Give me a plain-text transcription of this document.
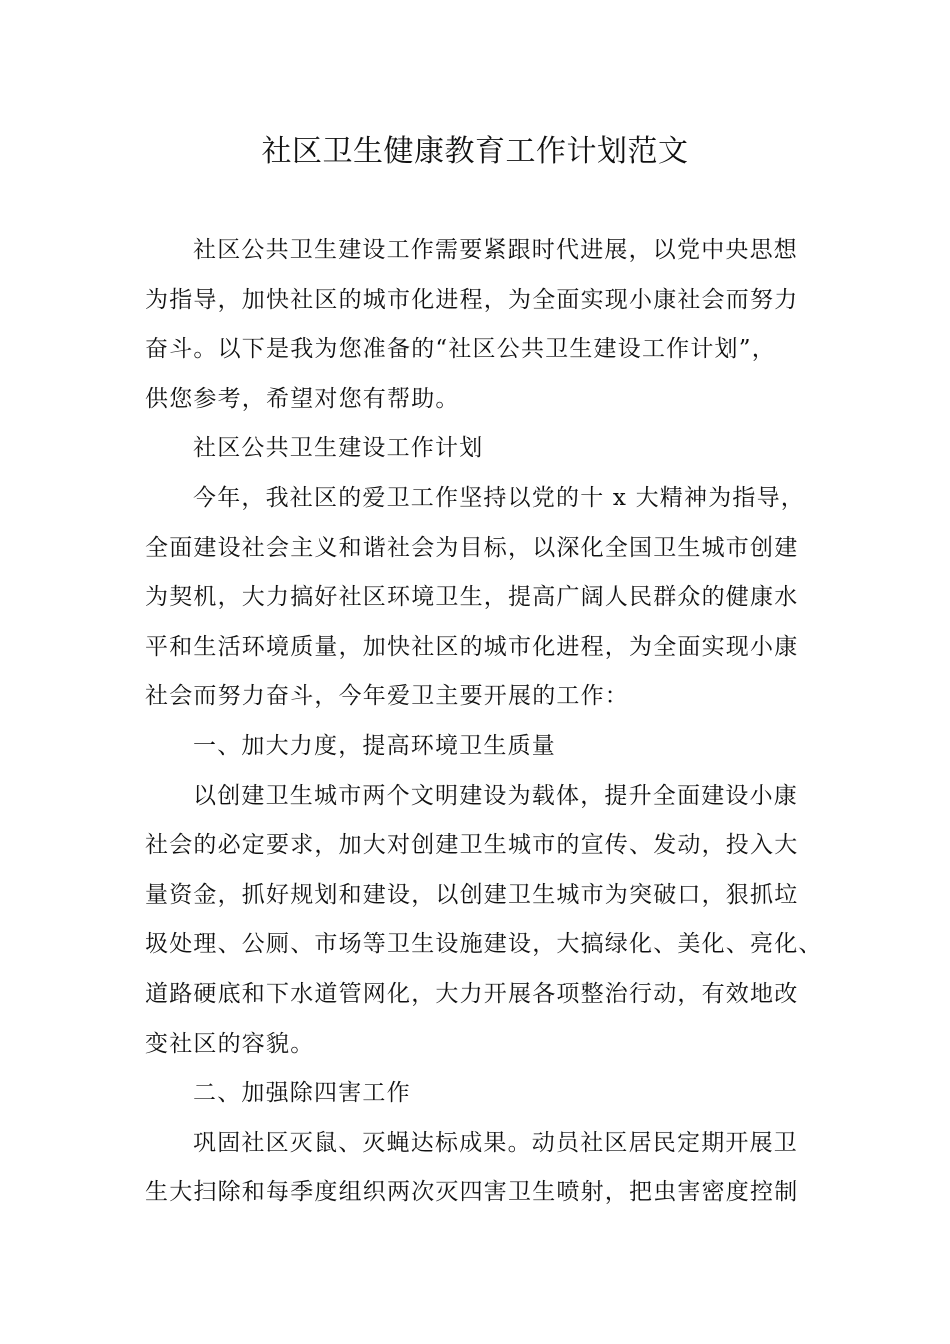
社区卫生健康教育工作计划范文
社区公共卫生建设工作需要紧跟时代进展，以党中央思想
为指导，加快社区的城市化进程，为全面实现小康社会而努力
奋斗。以下是我为您准备的“社区公共卫生建设工作计划”，
供您参考，希望对您有帮助。
社区公共卫生建设工作计划
今年，我社区的爱卫工作坚持以党的十 x 大精神为指导，
全面建设社会主义和谐社会为目标，以深化全国卫生城市创建
为契机，大力搞好社区环境卫生，提高广阔人民群众的健康水
平和生活环境质量，加快社区的城市化进程，为全面实现小康
社会而努力奋斗，今年爱卫主要开展的工作：
一、加大力度，提高环境卫生质量
以创建卫生城市两个文明建设为载体，提升全面建设小康
社会的必定要求，加大对创建卫生城市的宣传、发动，投入大
量资金，抓好规划和建设，以创建卫生城市为突破口，狠抓垃
圾处理、公厕、市场等卫生设施建设，大搞绿化、美化、亮化、
道路硬底和下水道管网化，大力开展各项整治行动，有效地改
变社区的容貌。
二、加强除四害工作
巩固社区灭鼠、灭蝇达标成果。动员社区居民定期开展卫
生大扫除和每季度组织两次灭四害卫生喷射，把虫害密度控制
